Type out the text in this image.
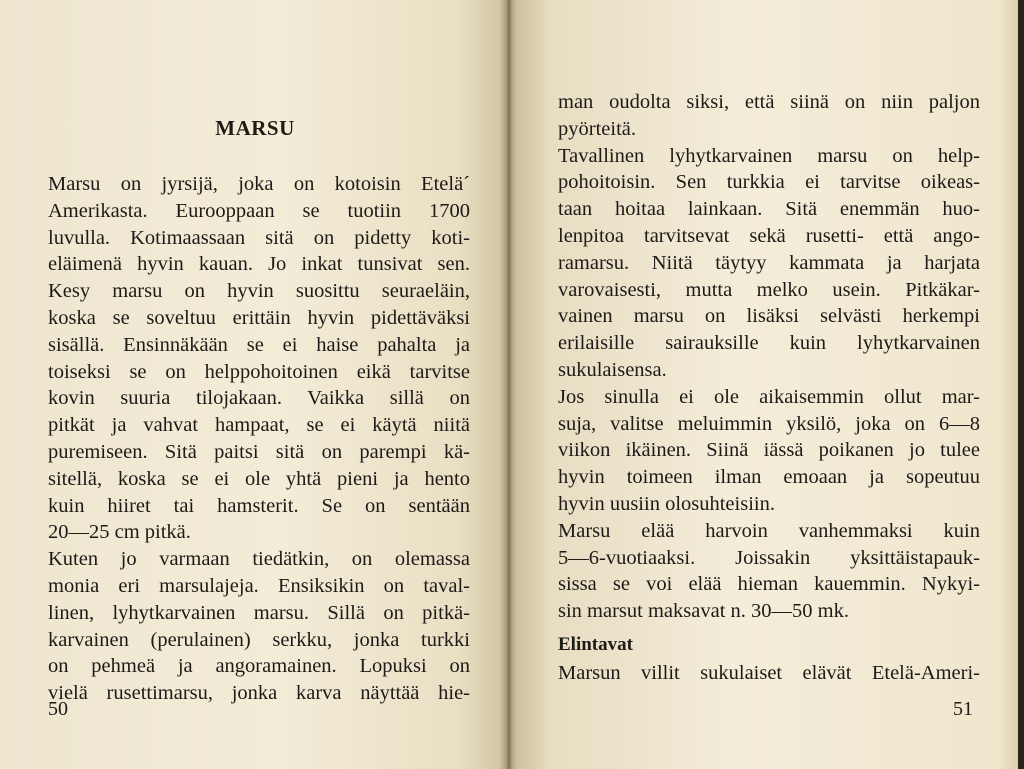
MARSU
Marsu on jyrsijä, joka on kotoisin Etelä´
Amerikasta. Eurooppaan se tuotiin 1700
luvulla. Kotimaassaan sitä on pidetty koti-
eläimenä hyvin kauan. Jo inkat tunsivat sen.
Kesy marsu on hyvin suosittu seuraeläin,
koska se soveltuu erittäin hyvin pidettäväksi
sisällä. Ensinnäkään se ei haise pahalta ja
toiseksi se on helppohoitoinen eikä tarvitse
kovin suuria tilojakaan. Vaikka sillä on
pitkät ja vahvat hampaat, se ei käytä niitä
puremiseen. Sitä paitsi sitä on parempi kä-
sitellä, koska se ei ole yhtä pieni ja hento
kuin hiiret tai hamsterit. Se on sentään
20—25 cm pitkä.
Kuten jo varmaan tiedätkin, on olemassa
monia eri marsulajeja. Ensiksikin on taval-
linen, lyhytkarvainen marsu. Sillä on pitkä-
karvainen (perulainen) serkku, jonka turkki
on pehmeä ja angoramainen. Lopuksi on
vielä rusettimarsu, jonka karva näyttää hie-
50
man oudolta siksi, että siinä on niin paljon
pyörteitä.
Tavallinen lyhytkarvainen marsu on help-
pohoitoisin. Sen turkkia ei tarvitse oikeas-
taan hoitaa lainkaan. Sitä enemmän huo-
lenpitoa tarvitsevat sekä rusetti- että ango-
ramarsu. Niitä täytyy kammata ja harjata
varovaisesti, mutta melko usein. Pitkäkar-
vainen marsu on lisäksi selvästi herkempi
erilaisille sairauksille kuin lyhytkarvainen
sukulaisensa.
Jos sinulla ei ole aikaisemmin ollut mar-
suja, valitse meluimmin yksilö, joka on 6—8
viikon ikäinen. Siinä iässä poikanen jo tulee
hyvin toimeen ilman emoaan ja sopeutuu
hyvin uusiin olosuhteisiin.
Marsu elää harvoin vanhemmaksi kuin
5—6-vuotiaaksi. Joissakin yksittäistapauk-
sissa se voi elää hieman kauemmin. Nykyi-
sin marsut maksavat n. 30—50 mk.
Elintavat
Marsun villit sukulaiset elävät Etelä-Ameri-
51
